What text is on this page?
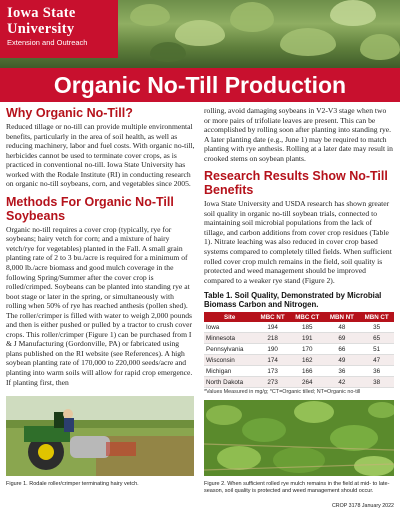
Iowa State
University
Extension and Outreach
Organic No-Till Production
Why Organic No-Till?

Reduced tillage or no-till can provide multiple environmental benefits, particularly in the area of soil health, as well as reducing machinery, labor and fuel costs. With organic no-till, herbicides cannot be used to terminate cover crops, as is practiced in conventional no-till. Iowa State University has worked with the Rodale Institute (RI) in conducting research on organic no-till soybeans, corn, and vegetables since 2005.

Methods For Organic No-Till Soybeans

Organic no-till requires a cover crop (typically, rye for soybeans; hairy vetch for corn; and a mixture of hairy vetch/rye for vegetables) planted in the Fall. A small grain planting rate of 2 to 3 bu./acre is required for a minimum of 8,000 lb./acre biomass and good mulch coverage in the following Spring/Summer after the cover crop is rolled/crimped. Soybeans can be planted into standing rye at boot stage or later in the spring, or simultaneously with rolling when 50% of rye has reached anthesis (pollen shed). The roller/crimper is filled with water to weigh 2,000 pounds and then is either pushed or pulled by a tractor to crush cover crops. This roller/crimper (Figure 1) can be purchased from I & J Manufacturing (Gordonville, PA) or fabricated using plans published on the RI website (see References). A high soybean planting rate of 170,000 to 220,000 seeds/acre and planting into warm soils will allow for rapid crop emergence. If planting first, then

rolling, avoid damaging soybeans in V2-V3 stage when two or more pairs of trifoliate leaves are present. This can be accomplished by rolling soon after planting into standing rye. A later planting date (e.g., June 1) may be required to match planting with rye anthesis. Rolling at a later date may result in crooked stems on soybean plants.

Research Results Show No-Till Benefits

Iowa State University and USDA research has shown greater soil quality in organic no-till soybean trials, connected to maintaining soil microbial populations from the lack of tillage, and carbon additions from cover crop residues (Table 1). Nitrate leaching was also reduced in cover crop based systems compared to completely tilled fields. When sufficient rolled cover crop mulch remains in the field, soil quality is protected and weed management should be improved compared to a weaker rye stand (Figure 2).

Table 1. Soil Quality, Demonstrated by Microbial Biomass Carbon and Nitrogen.
Site	MBC NT	MBC CT	MBN NT	MBN CT
Iowa	194	185	48	35
Minnesota	218	191	69	65
Pennsylvania	190	170	66	51
Wisconsin	174	162	49	47
Michigan	173	166	36	36
North Dakota	273	264	42	38
*Values Measured in mg/g; *CT=Organic tilled; NT=Organic no-till
Figure 1. Rodale roller/crimper terminating hairy vetch.	Figure 2. When sufficient rolled rye mulch remains in the field at mid- to late-season, soil quality is protected and weed management should occur.
CROP 3178 January 2022
